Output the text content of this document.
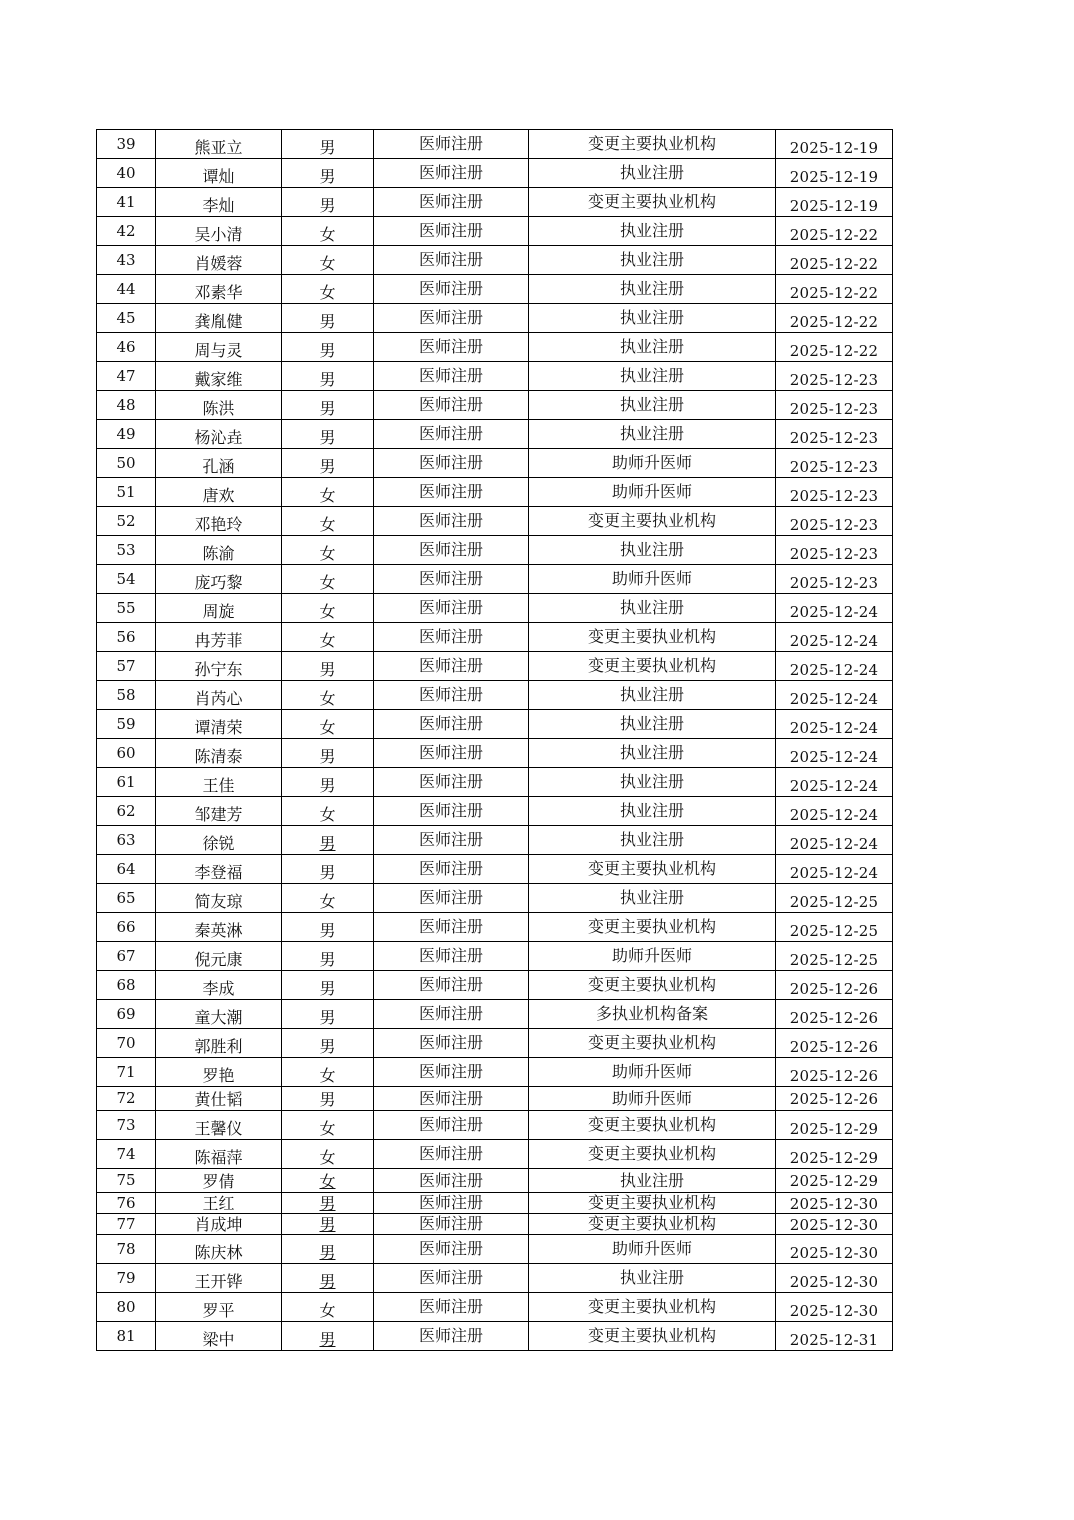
39	熊亚立	男	医师注册	变更主要执业机构	2025-12-19
40	谭灿	男	医师注册	执业注册	2025-12-19
41	李灿	男	医师注册	变更主要执业机构	2025-12-19
42	吴小清	女	医师注册	执业注册	2025-12-22
43	肖媛蓉	女	医师注册	执业注册	2025-12-22
44	邓素华	女	医师注册	执业注册	2025-12-22
45	龚胤健	男	医师注册	执业注册	2025-12-22
46	周与灵	男	医师注册	执业注册	2025-12-22
47	戴家维	男	医师注册	执业注册	2025-12-23
48	陈洪	男	医师注册	执业注册	2025-12-23
49	杨沁垚	男	医师注册	执业注册	2025-12-23
50	孔涵	男	医师注册	助师升医师	2025-12-23
51	唐欢	女	医师注册	助师升医师	2025-12-23
52	邓艳玲	女	医师注册	变更主要执业机构	2025-12-23
53	陈渝	女	医师注册	执业注册	2025-12-23
54	庞巧黎	女	医师注册	助师升医师	2025-12-23
55	周旋	女	医师注册	执业注册	2025-12-24
56	冉芳菲	女	医师注册	变更主要执业机构	2025-12-24
57	孙宁东	男	医师注册	变更主要执业机构	2025-12-24
58	肖芮心	女	医师注册	执业注册	2025-12-24
59	谭清荣	女	医师注册	执业注册	2025-12-24
60	陈清泰	男	医师注册	执业注册	2025-12-24
61	王佳	男	医师注册	执业注册	2025-12-24
62	邹建芳	女	医师注册	执业注册	2025-12-24
63	徐锐	男	医师注册	执业注册	2025-12-24
64	李登福	男	医师注册	变更主要执业机构	2025-12-24
65	简友琼	女	医师注册	执业注册	2025-12-25
66	秦英淋	男	医师注册	变更主要执业机构	2025-12-25
67	倪元康	男	医师注册	助师升医师	2025-12-25
68	李成	男	医师注册	变更主要执业机构	2025-12-26
69	童大潮	男	医师注册	多执业机构备案	2025-12-26
70	郭胜利	男	医师注册	变更主要执业机构	2025-12-26
71	罗艳	女	医师注册	助师升医师	2025-12-26
72	黄仕韬	男	医师注册	助师升医师	2025-12-26
73	王馨仪	女	医师注册	变更主要执业机构	2025-12-29
74	陈福萍	女	医师注册	变更主要执业机构	2025-12-29
75	罗倩	女	医师注册	执业注册	2025-12-29
76	王红	男	医师注册	变更主要执业机构	2025-12-30
77	肖成坤	男	医师注册	变更主要执业机构	2025-12-30
78	陈庆林	男	医师注册	助师升医师	2025-12-30
79	王开铧	男	医师注册	执业注册	2025-12-30
80	罗平	女	医师注册	变更主要执业机构	2025-12-30
81	梁中	男	医师注册	变更主要执业机构	2025-12-31
